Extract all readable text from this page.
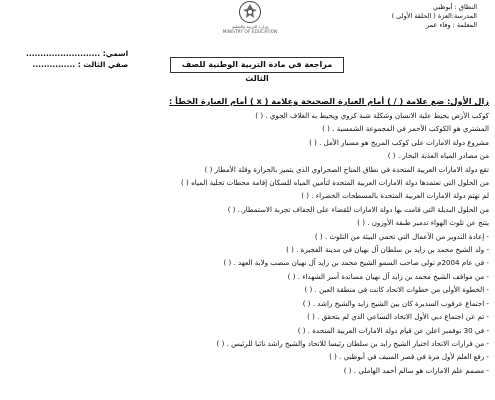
النطاق : أبوظبي
المدرسة:العزة ( الحلقة الأولى )
المعلمة : وفاء عمر
وزارة التربية والتعليم
MINISTRY OF EDUCATION
اسمي: ..........................
صفي الثالث : ...............	مراجعة في مادة التربية الوطنية للصف الثالث
زال الأول: ضع علامة ( / ) أمام العبارة الصحيحة وعلامة ( x ) أمام العبارة الخطأ :
كوكب الأرض يحيط علية الانسان وشكلة شبة كروي ويحيط به الغلاف الجوي . ( )
المشتري هو الكوكب الأحمر في المجموعة الشمسية . ( )
مشروع دولة الامارات على كوكب المريخ هو مسبار الأمل . ( )
من مصادر المياه العذبة البحار . ( )
تقع دولة الامارات العربية المتحدة في نطاق المناخ الصحراوي الذي يتميز بالحرارة وقلة الأمطار ( )
من الحلول التي تعتمدها دولة الامارات العربية المتحدة لتأمين المياه للسكان إقامة محطات تحلية المياه ( )
لم تهتم دولة الامارات العربية المتحدة بالمسطحات الخضراء . ( )
من الحلول البديلة التي قامت بها دولة الامارات للقضاء على الجفاف تجربة الاستمطار.. ( )
ينتج عن تلوث الهواء تدمير طبقة الأوزون . ( )
- إعادة التدوير من الأعمال التي تحمي البيئة من التلوث . ( )
- ولد الشيخ محمد بن زايد بن سلطان آل نهيان في مدينة الفجيرة . ( )
- في عام 2004م تولى صاحب السمو الشيخ محمد بن زايد آل نهيان منصب ولاية العهد . ( )
- من مواقف الشيخ محمد بن زايد آل نهيان مساندة أسر الشهداء . ( )
- الخطوة الأولى من خطوات الاتحاد كانت في منطقة العين . ( )
- اجتماع عرقوب السديرة كان بين الشيخ زايد والشيخ راشد . ( )
- تم عن اجتماع دبي الأول الاتحاد التساعي الذي لم يتحقق . ( )
- في 30 نوفمبر اعلن عن قيام دولة الامارات العربية المتحدة . ( )
- من قرارات الاتحاد اختيار الشيخ زايد بن سلطان رئيسا للاتحاد والشيخ راشد نائبا للرئيس . ( )
- رفع العلم لأول مرة في قصر المنيف في أبوظبي . ( )
- مصمم علم الامارات هو سالم أحمد الهاملي . ( )
